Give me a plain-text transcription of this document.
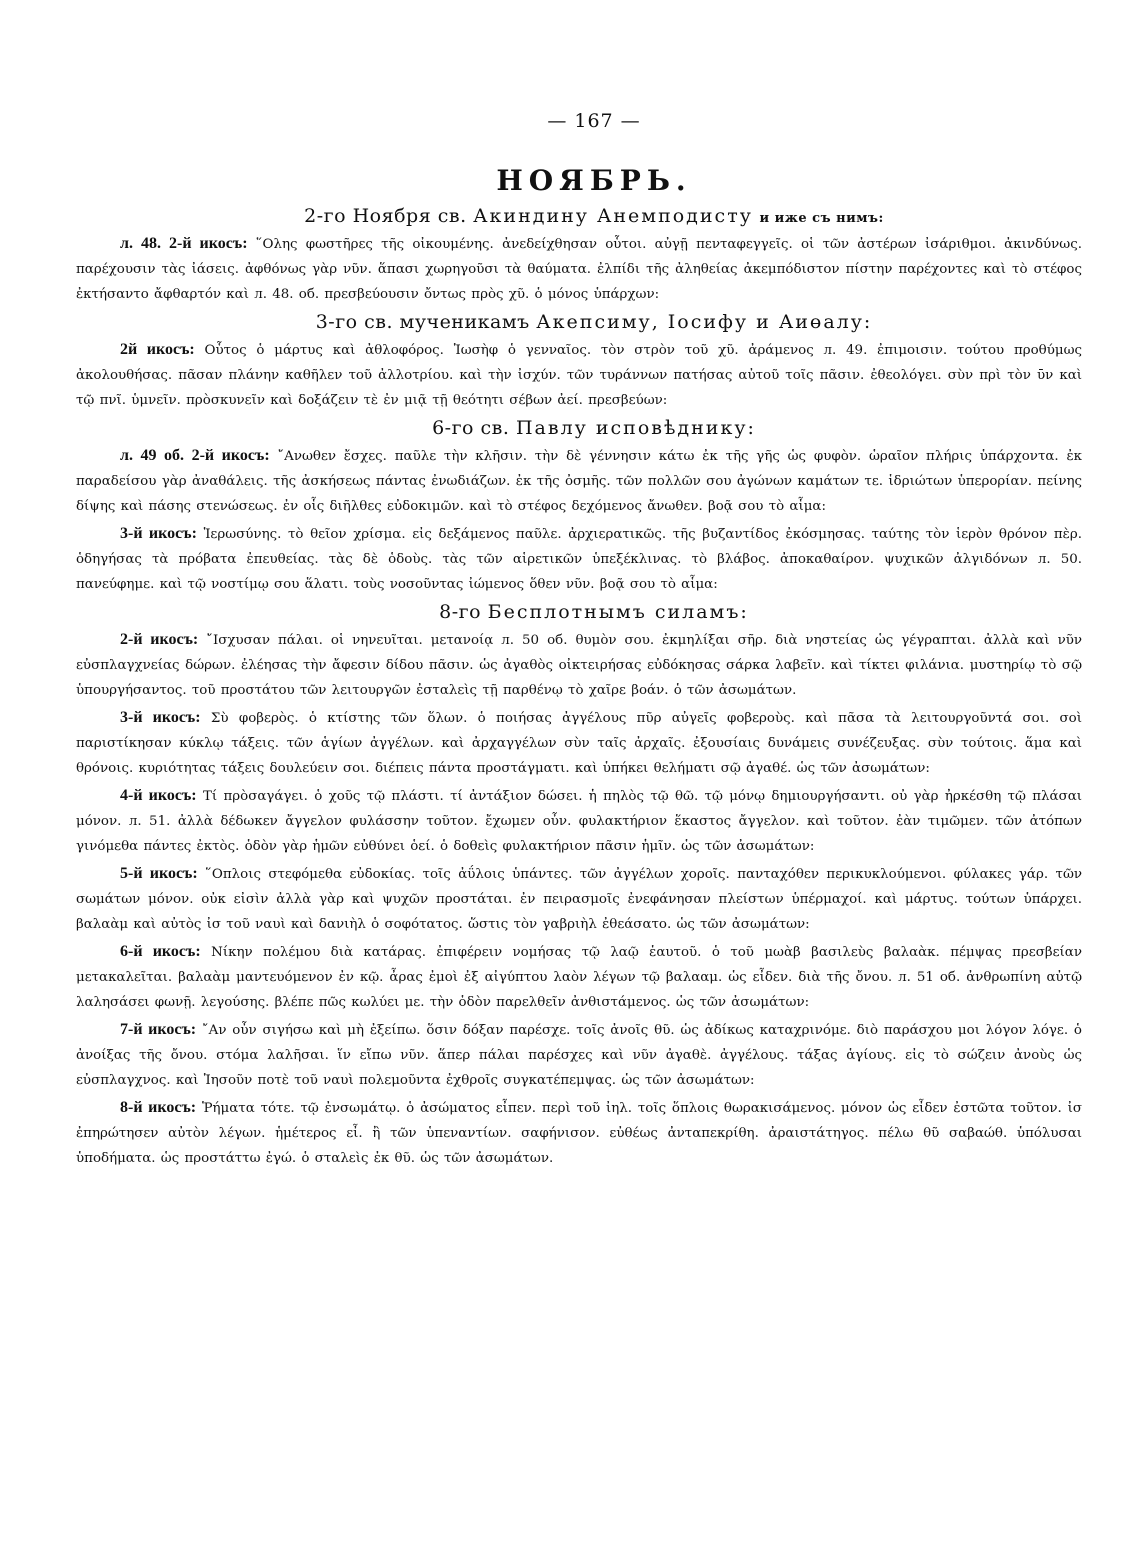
— 167 —
НОЯБРЬ.
2-го Ноября св. Акиндину Анемподисту и иже съ нимъ:

л. 48. 2-й икосъ: ῞Ολης φωστῆρες τῆς οἰκουμένης. ἀνεδείχθησαν οὗτοι. αὐγῇ πενταφεγγεῖς. οἱ τῶν ἀστέρων ἰσάριθμοι. ἀκινδύνως. παρέχουσιν τὰς ἰάσεις. ἀφθόνως γὰρ νῦν. ἅπασι χωρηγοῦσι τὰ θαύματα. ἐλπίδι τῆς ἀληθείας ἀκεμπόδιστον πίστην παρέχοντες καὶ τὸ στέφος ἐκτήσαντο ἄφθαρτόν καὶ л. 48. об. πρεσβεύουσιν ὄντως πρὸς χῦ. ὁ μόνος ὑπάρχων:

3-го св. мученикамъ Акепсиму, Іосифу и Аиөалу:

2й икосъ: Οὗτος ὁ μάρτυς καὶ ἀθλοφόρος. Ἰωσὴφ ὁ γενναῖος. τὸν στρὸν τοῦ χῦ. ἀράμενος л. 49. ἐπιμοισιν. τούτου προθύμως ἀκολουθήσας. πᾶσαν πλάνην καθῆλεν τοῦ ἀλλοτρίου. καὶ τὴν ἰσχύν. τῶν τυράννων πατήσας αὐτοῦ τοῖς πᾶσιν. ἐθεολόγει. σὺν πρὶ τὸν ῡν καὶ τῷ πνῖ. ὑμνεῖν. πρὸσκυνεῖν καὶ δοξάζειν τὲ ἐν μιᾷ τῇ θεότητι σέβων ἀεί. πρεσβεύων:

6-го св. Павлу исповѣднику:

л. 49 об. 2-й икосъ: ῎Ανωθεν ἔσχες. παῦλε τὴν κλῆσιν. τὴν δὲ γέννησιν κάτω ἐκ τῆς γῆς ὡς φυφὸν. ὡραῖον πλήρις ὑπάρχοντα. ἐκ παραδείσου γὰρ ἀναθάλεις. τῆς ἀσκήσεως πάντας ἐνωδιάζων. ἐκ τῆς ὀσμῆς. τῶν πολλῶν σου ἀγώνων καμάτων τε. ἱδριώτων ὑπερορίαν. πείνης δίψης καὶ πάσης στενώσεως. ἐν οἷς διῆλθες εὐδοκιμῶν. καὶ τὸ στέφος δεχόμενος ἄνωθεν. βοᾷ σου τὸ αἷμα:

3-й икосъ: Ἱερωσύνης. τὸ θεῖον χρίσμα. εἰς δεξάμενος παῦλε. ἀρχιερατικῶς. τῆς βυζαντίδος ἐκόσμησας. ταύτης τὸν ἱερὸν θρόνον πὲρ. ὁδηγήσας τὰ πρόβατα ἐπευθείας. τὰς δὲ ὁδοὺς. τὰς τῶν αἱρετικῶν ὑπεξέκλινας. τὸ βλάβος. ἀποκαθαίρον. ψυχικῶν ἀλγιδόνων л. 50. πανεύφημε. καὶ τῷ νοστίμῳ σου ἅλατι. τοὺς νοσοῦντας ἰώμενος ὅθεν νῦν. βοᾷ σου τὸ αἷμα:

8-го Бесплотнымъ силамъ:

2-й икосъ: ῎Ισχυσαν πάλαι. οἱ νηνευῖται. μετανοίᾳ л. 50 об. θυμὸν σου. ἐκμηλίξαι σῆρ. διὰ νηστείας ὡς γέγραπται. ἀλλὰ καὶ νῦν εὐσπλαγχνείας δώρων. ἐλέησας τὴν ἄφεσιν δίδου πᾶσιν. ὡς ἀγαθὸς οἰκτειρήσας εὐδόκησας σάρκα λαβεῖν. καὶ τίκτει φιλάνια. μυστηρίῳ τὸ σῷ ὑπουργήσαντος. τοῦ προστάτου τῶν λειτουργῶν ἐσταλεὶς τῇ παρθένῳ τὸ χαῖρε βοάν. ὁ τῶν ἀσωμάτων.

3-й икосъ: Σὺ φοβερὸς. ὁ κτίστης τῶν ὅλων. ὁ ποιήσας ἀγγέλους πῦρ αὐγεῖς φοβεροὺς. καὶ πᾶσα τὰ λειτουργοῦντά σοι. σοὶ παριστίκησαν κύκλῳ τάξεις. τῶν ἁγίων ἀγγέλων. καὶ ἀρχαγγέλων σὺν ταῖς ἀρχαῖς. ἐξουσίαις δυνάμεις συνέζευξας. σὺν τούτοις. ἅμα καὶ θρόνοις. κυριότητας τάξεις δουλεύειν σοι. διέπεις πάντα προστάγματι. καὶ ὑπήκει θελήματι σῷ ἀγαθέ. ὡς τῶν ἀσωμάτων:

4-й икосъ: Τί πρὸσαγάγει. ὁ χοῦς τῷ πλάστι. τί ἀντάξιον δώσει. ἡ πηλὸς τῷ θῶ. τῷ μόνῳ δημιουργήσαντι. οὐ γὰρ ἠρκέσθη τῷ πλάσαι μόνον. л. 51. ἀλλὰ δέδωκεν ἄγγελον φυλάσσην τοῦτον. ἔχωμεν οὖν. φυλακτήριον ἕκαστος ἄγγελον. καὶ τοῦτον. ἐὰν τιμῶμεν. τῶν ἀτόπων γινόμεθα πάντες ἐκτὸς. ὁδὸν γὰρ ἡμῶν εὐθύνει ὁεί. ὁ δοθεὶς φυλακτήριον πᾶσιν ἡμῖν. ὡς τῶν ἀσωμάτων:

5-й икосъ: ῞Οπλοις στεφόμεθα εὐδοκίας. τοῖς ἀΰλοις ὑπάντες. τῶν ἀγγέλων χοροῖς. πανταχόθεν περικυκλούμενοι. φύλακες γάρ. τῶν σωμάτων μόνον. οὐκ εἰσὶν ἀλλὰ γὰρ καὶ ψυχῶν προστάται. ἐν πειρασμοῖς ἐνεφάνησαν πλείστων ὑπέρμαχοί. καὶ μάρτυς. τούτων ὑπάρχει. βαλαὰμ καὶ αὐτὸς ἰσ τοῦ ναυὶ καὶ δανιὴλ ὁ σοφότατος. ὥστις τὸν γαβριὴλ ἐθεάσατο. ὡς τῶν ἀσωμάτων:

6-й икосъ: Νίκην πολέμου διὰ κατάρας. ἐπιφέρειν νομήσας τῷ λαῷ ἑαυτοῦ. ὁ τοῦ μωὰβ βασιλεὺς βαλαὰκ. πέμψας πρεσβείαν μετακαλεῖται. βαλαὰμ μαντευόμενον ἐν κῷ. ἆρας ἐμοὶ ἐξ αἰγύπτου λαὸν λέγων τῷ βαλααμ. ὡς εἶδεν. διὰ τῆς ὄνου. л. 51 об. ἀνθρωπίνη αὐτῷ λαλησάσει φωνῇ. λεγούσης. βλέπε πῶς κωλύει με. τὴν ὁδὸν παρελθεῖν ἀνθιστάμενος. ὡς τῶν ἀσωμάτων:

7-й икосъ: ῎Αν οὖν σιγήσω καὶ μὴ ἐξείπω. ὅσιν δόξαν παρέσχε. τοῖς ἀνοῖς θῦ. ὡς ἀδίκως καταχρινόμε. διὸ παράσχου μοι λόγον λόγε. ὁ ἀνοίξας τῆς ὄνου. στόμα λαλῆσαι. ἵν εἴπω νῦν. ἅπερ πάλαι παρέσχες καὶ νῦν ἀγαθὲ. ἀγγέλους. τάξας ἁγίους. εἰς τὸ σώζειν ἀνοὺς ὡς εὐσπλαγχνος. καὶ Ἰησοῦν ποτὲ τοῦ ναυὶ πολεμοῦντα ἐχθροῖς συγκατέπεμψας. ὡς τῶν ἀσωμάτων:

8-й икосъ: Ῥήματα τότε. τῷ ἐνσωμάτῳ. ὁ ἀσώματος εἶπεν. περὶ τοῦ ἰηλ. τοῖς ὅπλοις θωρακισάμενος. μόνον ὡς εἶδεν ἐστῶτα τοῦτον. ἰσ ἐπηρώτησεν αὐτὸν λέγων. ἡμέτερος εἶ. ἢ τῶν ὑπεναντίων. σαφήνισον. εὐθέως ἀνταπεκρίθη. ἀραιστάτηγος. πέλω θῦ σαβαώθ. ὑπόλυσαι ὑποδήματα. ὡς προστάττω ἐγώ. ὁ σταλεὶς ἐκ θῦ. ὡς τῶν ἀσωμάτων.
